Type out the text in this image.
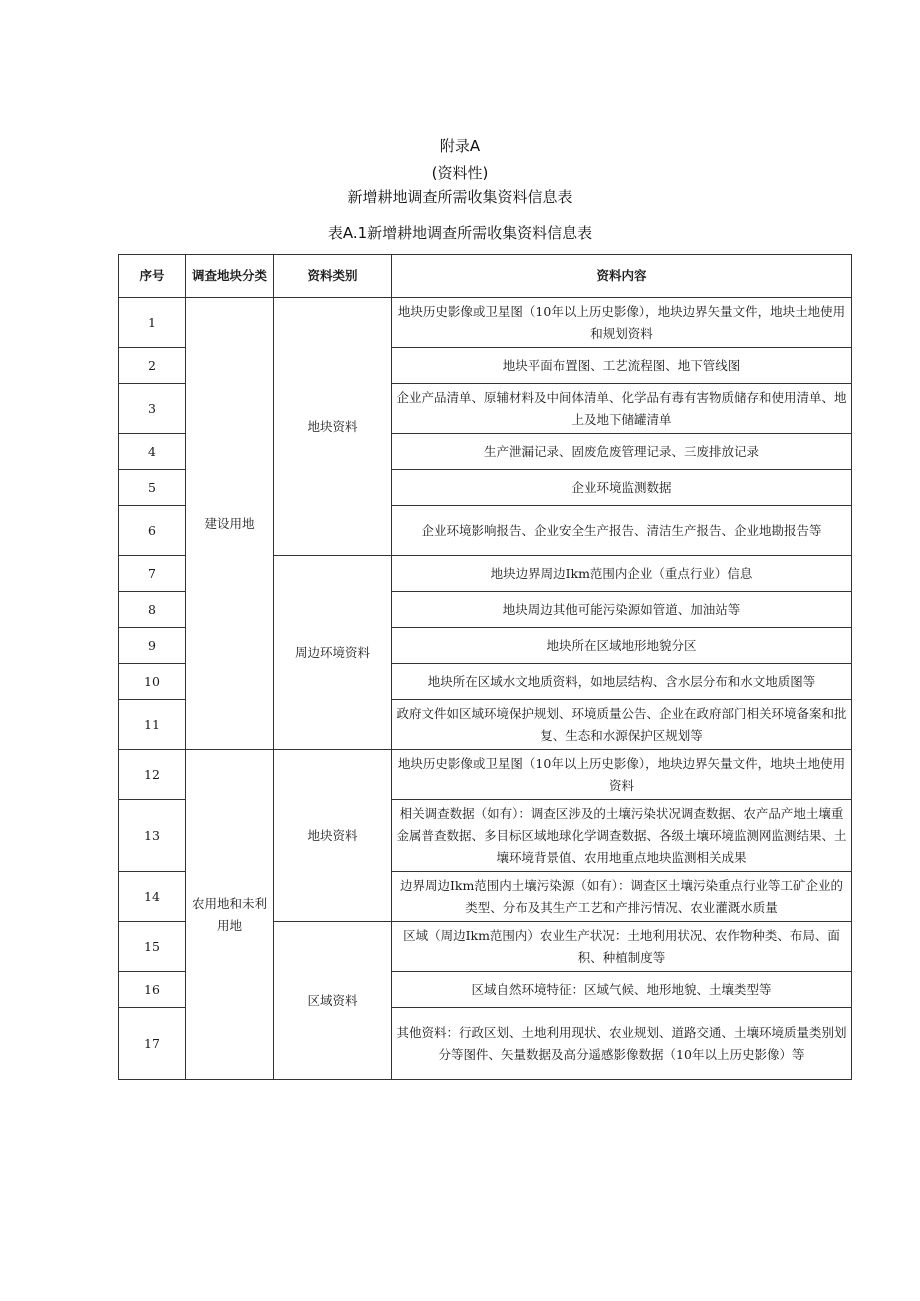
附录A
(资料性)
新增耕地调查所需收集资料信息表
表A.1新增耕地调查所需收集资料信息表
序号	调查地块分类	资料类别	资料内容
1	建设用地	地块资料	地块历史影像或卫星图（10年以上历史影像），地块边界矢量文件，地块土地使用和规划资料
2			地块平面布置图、工艺流程图、地下管线图
3			企业产品清单、原辅材料及中间体清单、化学品有毒有害物质储存和使用清单、地上及地下储罐清单
4			生产泄漏记录、固废危废管理记录、三废排放记录
5			企业环境监测数据
6			企业环境影响报告、企业安全生产报告、清洁生产报告、企业地勘报告等
7		周边环境资料	地块边界周边Ikm范围内企业（重点行业）信息
8			地块周边其他可能污染源如管道、加油站等
9			地块所在区域地形地貌分区
10			地块所在区域水文地质资料，如地层结构、含水层分布和水文地质图等
11			政府文件如区域环境保护规划、环境质量公告、企业在政府部门相关环境备案和批复、生态和水源保护区规划等
12	农用地和未利用地	地块资料	地块历史影像或卫星图（10年以上历史影像），地块边界矢量文件，地块土地使用资料
13			相关调查数据（如有）：调查区涉及的土壤污染状况调查数据、农产品产地土壤重金属普查数据、多目标区域地球化学调查数据、各级土壤环境监测网监测结果、土壤环境背景值、农用地重点地块监测相关成果
14			边界周边Ikm范围内土壤污染源（如有）：调查区土壤污染重点行业等工矿企业的类型、分布及其生产工艺和产排污情况、农业灌溉水质量
15		区域资料	区域（周边Ikm范围内）农业生产状况：土地利用状况、农作物种类、布局、面积、种植制度等
16			区域自然环境特征：区域气候、地形地貌、土壤类型等
17			其他资料：行政区划、土地利用现状、农业规划、道路交通、土壤环境质量类别划分等图件、矢量数据及高分遥感影像数据（10年以上历史影像）等
